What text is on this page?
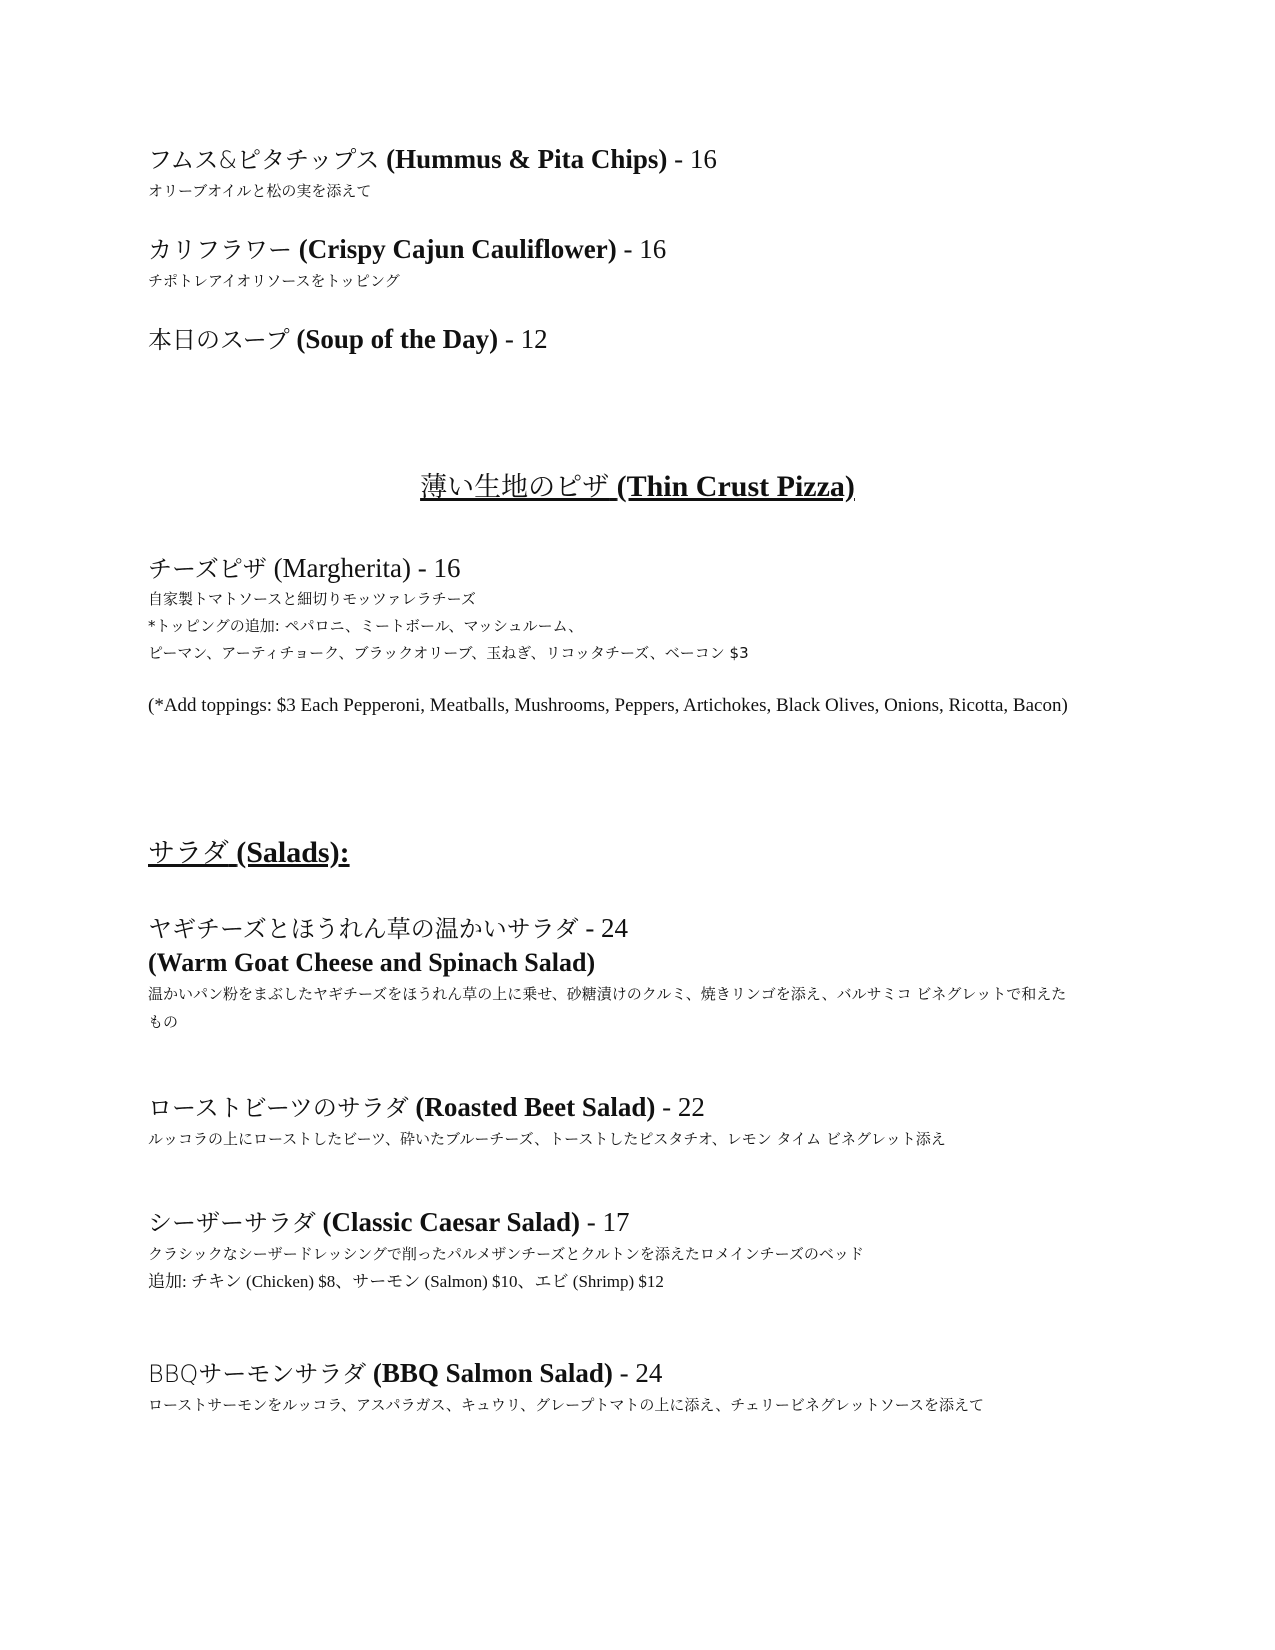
フムス&ピタチップス (Hummus & Pita Chips) - 16
オリーブオイルと松の実を添えて
カリフラワー (Crispy Cajun Cauliflower) - 16
チポトレアイオリソースをトッピング
本日のスープ (Soup of the Day) - 12
薄い生地のピザ (Thin Crust Pizza)
チーズピザ (Margherita) - 16
自家製トマトソースと細切りモッツァレラチーズ
*トッピングの追加: ペパロニ、ミートボール、マッシュルーム、
ピーマン、アーティチョーク、ブラックオリーブ、玉ねぎ、リコッタチーズ、ベーコン $3
(*Add toppings: $3 Each Pepperoni, Meatballs, Mushrooms, Peppers, Artichokes, Black Olives, Onions, Ricotta, Bacon)
サラダ (Salads):
ヤギチーズとほうれん草の温かいサラダ - 24
(Warm Goat Cheese and Spinach Salad)
温かいパン粉をまぶしたヤギチーズをほうれん草の上に乗せ、砂糖漬けのクルミ、焼きリンゴを添え、バルサミコ ビネグレットで和えたもの
ローストビーツのサラダ (Roasted Beet Salad) - 22
ルッコラの上にローストしたビーツ、砕いたブルーチーズ、トーストしたピスタチオ、レモン タイム ビネグレット添え
シーザーサラダ (Classic Caesar Salad) - 17
クラシックなシーザードレッシングで削ったパルメザンチーズとクルトンを添えたロメインチーズのベッド
追加: チキン (Chicken) $8、サーモン (Salmon) $10、エビ (Shrimp) $12
BBQサーモンサラダ (BBQ Salmon Salad) - 24
ローストサーモンをルッコラ、アスパラガス、キュウリ、グレープトマトの上に添え、チェリービネグレットソースを添えて
